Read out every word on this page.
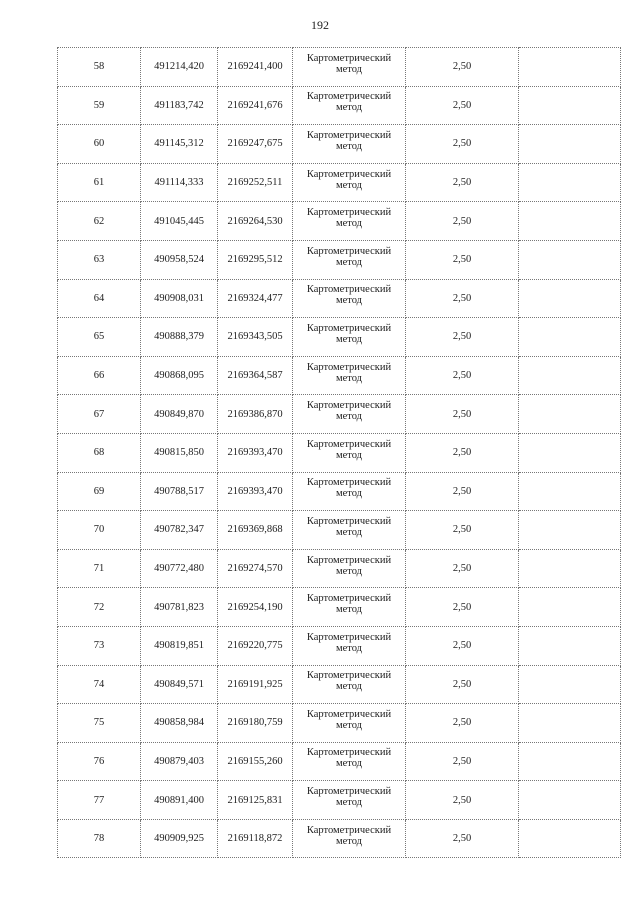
192
58	491214,420	2169241,400	Картометрический метод	2,50	
59	491183,742	2169241,676	Картометрический метод	2,50	
60	491145,312	2169247,675	Картометрический метод	2,50	
61	491114,333	2169252,511	Картометрический метод	2,50	
62	491045,445	2169264,530	Картометрический метод	2,50	
63	490958,524	2169295,512	Картометрический метод	2,50	
64	490908,031	2169324,477	Картометрический метод	2,50	
65	490888,379	2169343,505	Картометрический метод	2,50	
66	490868,095	2169364,587	Картометрический метод	2,50	
67	490849,870	2169386,870	Картометрический метод	2,50	
68	490815,850	2169393,470	Картометрический метод	2,50	
69	490788,517	2169393,470	Картометрический метод	2,50	
70	490782,347	2169369,868	Картометрический метод	2,50	
71	490772,480	2169274,570	Картометрический метод	2,50	
72	490781,823	2169254,190	Картометрический метод	2,50	
73	490819,851	2169220,775	Картометрический метод	2,50	
74	490849,571	2169191,925	Картометрический метод	2,50	
75	490858,984	2169180,759	Картометрический метод	2,50	
76	490879,403	2169155,260	Картометрический метод	2,50	
77	490891,400	2169125,831	Картометрический метод	2,50	
78	490909,925	2169118,872	Картометрический метод	2,50	
